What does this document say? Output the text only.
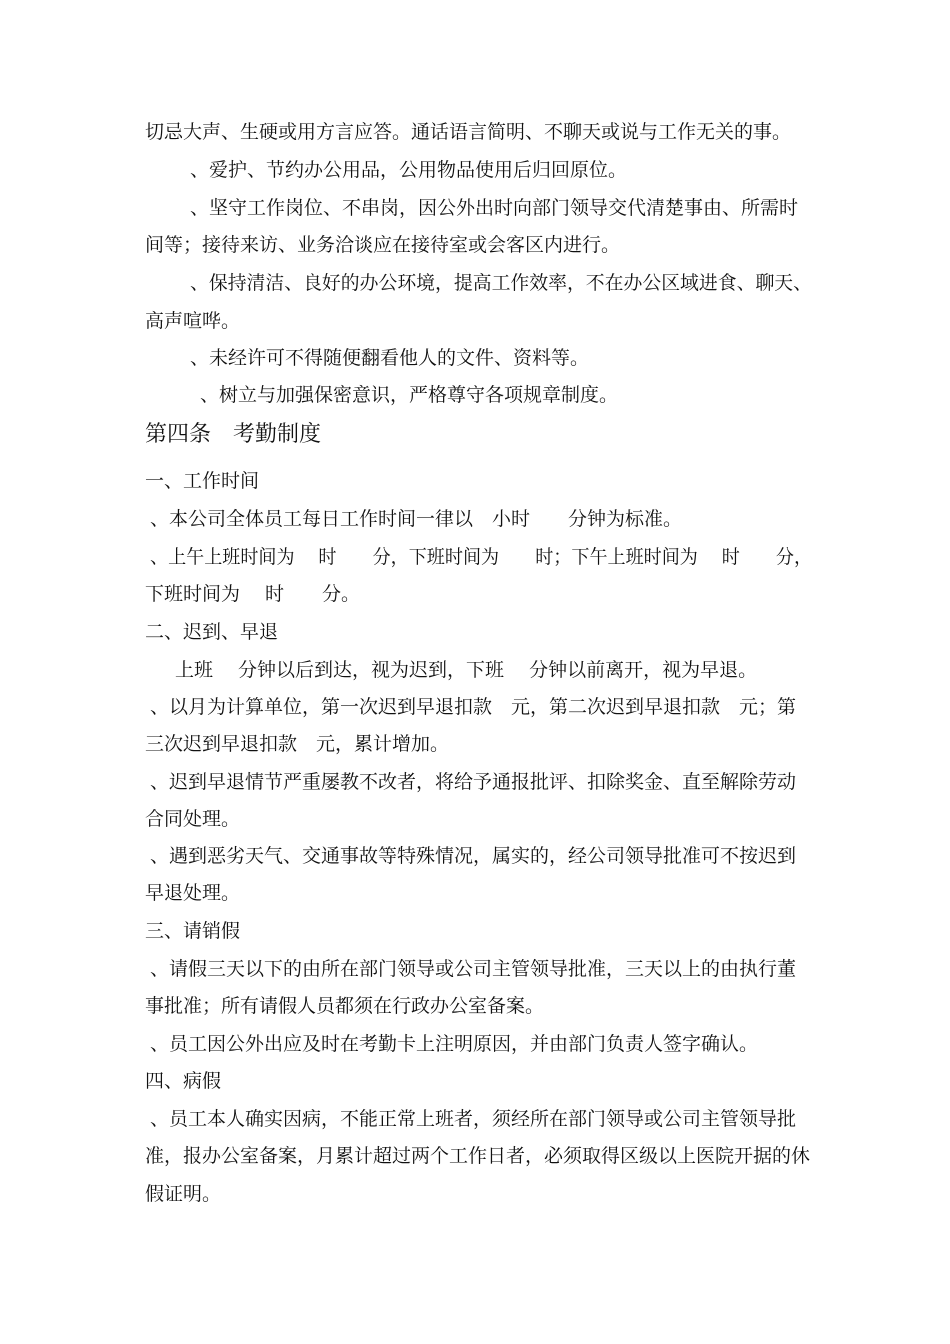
切忌大声、生硬或用方言应答。通话语言简明、不聊天或说与工作无关的事。
、爱护、节约办公用品，公用物品使用后归回原位。
、坚守工作岗位、不串岗，因公外出时向部门领导交代清楚事由、所需时
间等；接待来访、业务洽谈应在接待室或会客区内进行。
、保持清洁、良好的办公环境，提高工作效率，不在办公区域进食、聊天、
高声喧哗。
、未经许可不得随便翻看他人的文件、资料等。
、树立与加强保密意识，严格尊守各项规章制度。
第四条　考勤制度
一、工作时间
、本公司全体员工每日工作时间一律以　小时　　分钟为标准。
、上午上班时间为　 时　　分，下班时间为　　时；下午上班时间为　 时　　分，
下班时间为　 时　　分。
二、迟到、早退
上班　 分钟以后到达，视为迟到，下班　 分钟以前离开，视为早退。
、以月为计算单位，第一次迟到早退扣款　元，第二次迟到早退扣款　元；第
三次迟到早退扣款　元，累计增加。
、迟到早退情节严重屡教不改者，将给予通报批评、扣除奖金、直至解除劳动
合同处理。
、遇到恶劣天气、交通事故等特殊情况，属实的，经公司领导批准可不按迟到
早退处理。
三、请销假
、请假三天以下的由所在部门领导或公司主管领导批准，三天以上的由执行董
事批准；所有请假人员都须在行政办公室备案。
、员工因公外出应及时在考勤卡上注明原因，并由部门负责人签字确认。
四、病假
、员工本人确实因病，不能正常上班者，须经所在部门领导或公司主管领导批
准，报办公室备案，月累计超过两个工作日者，必须取得区级以上医院开据的休
假证明。
